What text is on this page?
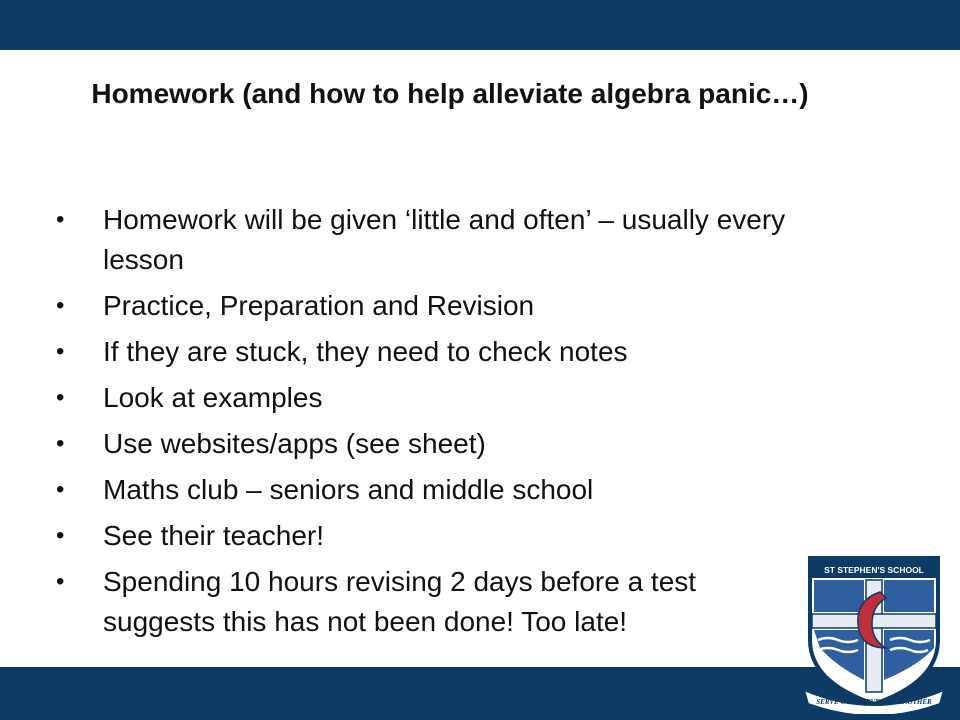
Homework (and how to help alleviate algebra panic…)
• Homework will be given ‘little and often’ – usually every lesson
• Practice, Preparation and Revision
• If they are stuck, they need to check notes
• Look at examples
• Use websites/apps (see sheet)
• Maths club – seniors and middle school
• See their teacher!
• Spending 10 hours revising 2 days before a test suggests this has not been done! Too late!
ST STEPHEN'S SCHOOL
SERVE GOD SERVE ONE ANOTHER
